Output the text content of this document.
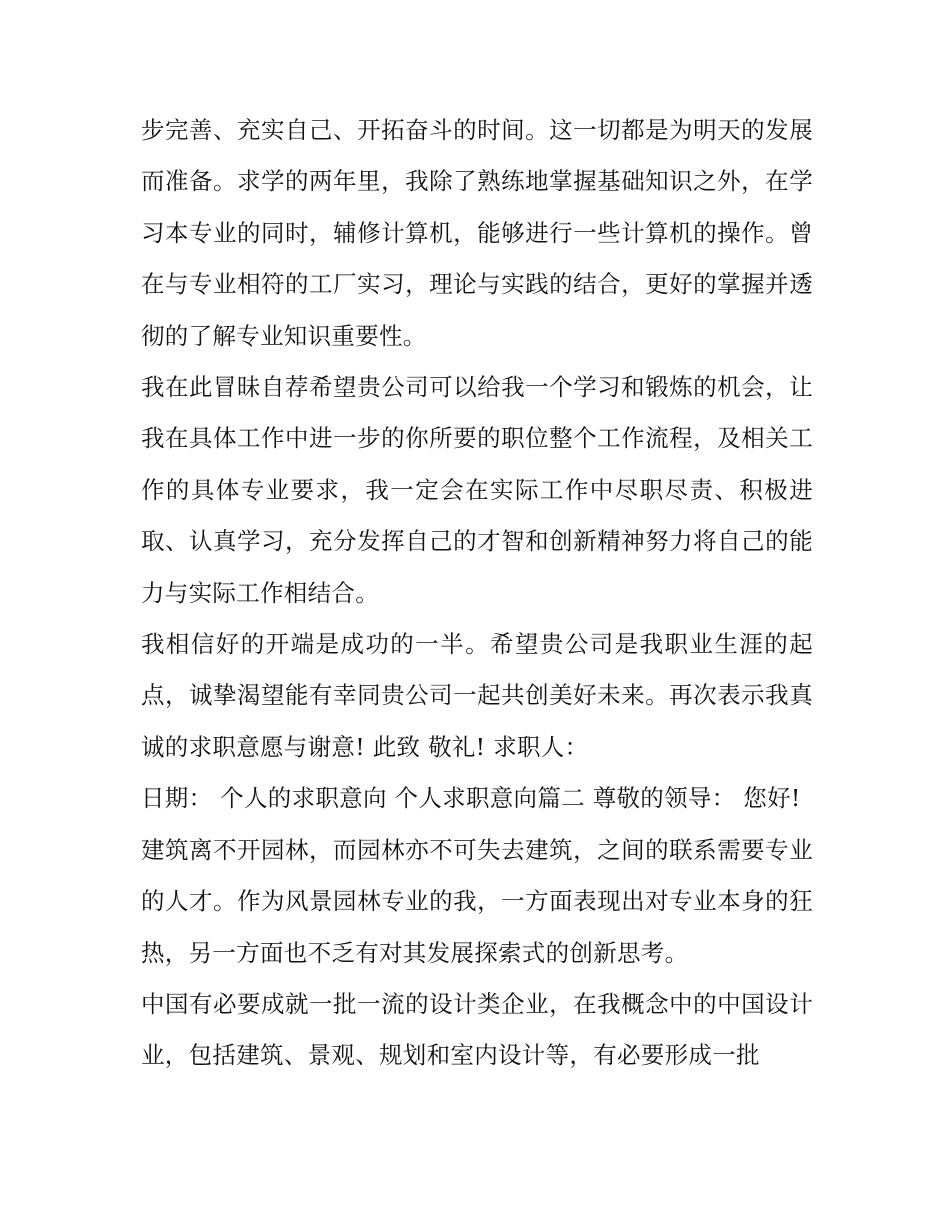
步完善、充实自己、开拓奋斗的时间。这一切都是为明天的发展而准备。求学的两年里，我除了熟练地掌握基础知识之外，在学习本专业的同时，辅修计算机，能够进行一些计算机的操作。曾在与专业相符的工厂实习，理论与实践的结合，更好的掌握并透彻的了解专业知识重要性。

我在此冒昧自荐希望贵公司可以给我一个学习和锻炼的机会，让我在具体工作中进一步的你所要的职位整个工作流程，及相关工作的具体专业要求，我一定会在实际工作中尽职尽责、积极进取、认真学习，充分发挥自己的才智和创新精神努力将自己的能力与实际工作相结合。

我相信好的开端是成功的一半。希望贵公司是我职业生涯的起点，诚挚渴望能有幸同贵公司一起共创美好未来。再次表示我真诚的求职意愿与谢意! 此致 敬礼! 求职人：

日期： 个人的求职意向 个人求职意向篇二 尊敬的领导： 您好!

建筑离不开园林，而园林亦不可失去建筑，之间的联系需要专业的人才。作为风景园林专业的我，一方面表现出对专业本身的狂热，另一方面也不乏有对其发展探索式的创新思考。

中国有必要成就一批一流的设计类企业，在我概念中的中国设计业，包括建筑、景观、规划和室内设计等，有必要形成一批
